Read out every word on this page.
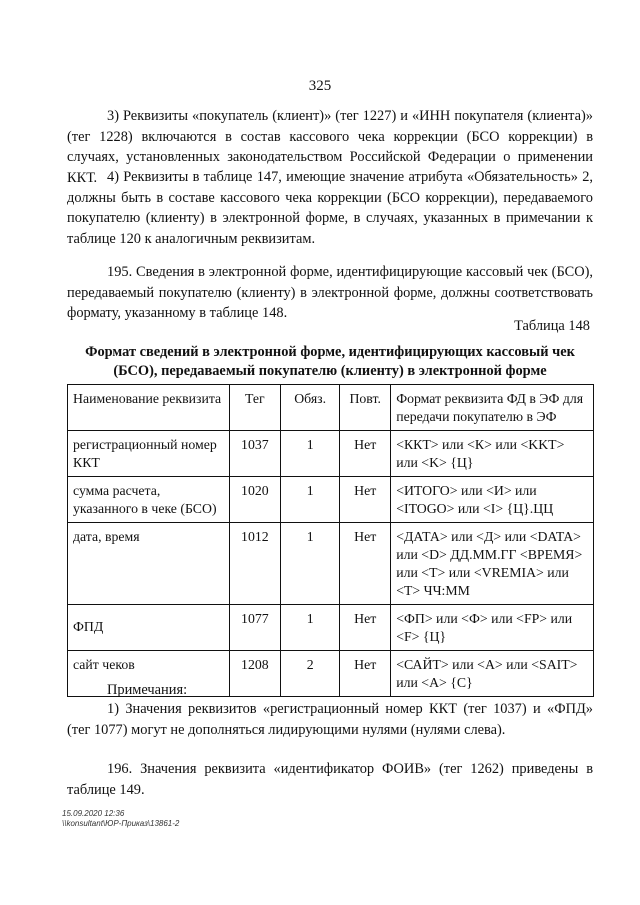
325
3) Реквизиты «покупатель (клиент)» (тег 1227) и «ИНН покупателя (клиента)» (тег 1228) включаются в состав кассового чека коррекции (БСО коррекции) в случаях, установленных законодательством Российской Федерации о применении ККТ. 4) Реквизиты в таблице 147, имеющие значение атрибута «Обязательность» 2, должны быть в составе кассового чека коррекции (БСО коррекции), передаваемого покупателю (клиенту) в электронной форме, в случаях, указанных в примечании к таблице 120 к аналогичным реквизитам.
195. Сведения в электронной форме, идентифицирующие кассовый чек (БСО), передаваемый покупателю (клиенту) в электронной форме, должны соответствовать формату, указанному в таблице 148.
Таблица 148
Формат сведений в электронной форме, идентифицирующих кассовый чек (БСО), передаваемый покупателю (клиенту) в электронной форме
Наименование реквизита	Тег	Обяз.	Повт.	Формат реквизита ФД в ЭФ для передачи покупателю в ЭФ
регистрационный номер ККТ	1037	1	Нет	<ККТ> или <К> или <KKT> или <K> {Ц}
сумма расчета, указанного в чеке (БСО)	1020	1	Нет	<ИТОГО> или <И> или <ITOGO> или <I> {Ц}.ЦЦ
дата, время	1012	1	Нет	<ДАТА> или <Д> или <DATA> или <D> ДД.ММ.ГГ <ВРЕМЯ> или <Т> или <VREMIA> или <T> ЧЧ:ММ
ФПД	1077	1	Нет	<ФП> или <Ф> или <FP> или <F> {Ц}
сайт чеков	1208	2	Нет	<САЙТ> или <А> или <SAIT> или <A> {С}
Примечания:
1) Значения реквизитов «регистрационный номер ККТ (тег 1037) и «ФПД» (тег 1077) могут не дополняться лидирующими нулями (нулями слева).
196. Значения реквизита «идентификатор ФОИВ» (тег 1262) приведены в таблице 149.
15.09.2020 12:36
\\konsultant\ЮР-Приказ\13861-2
